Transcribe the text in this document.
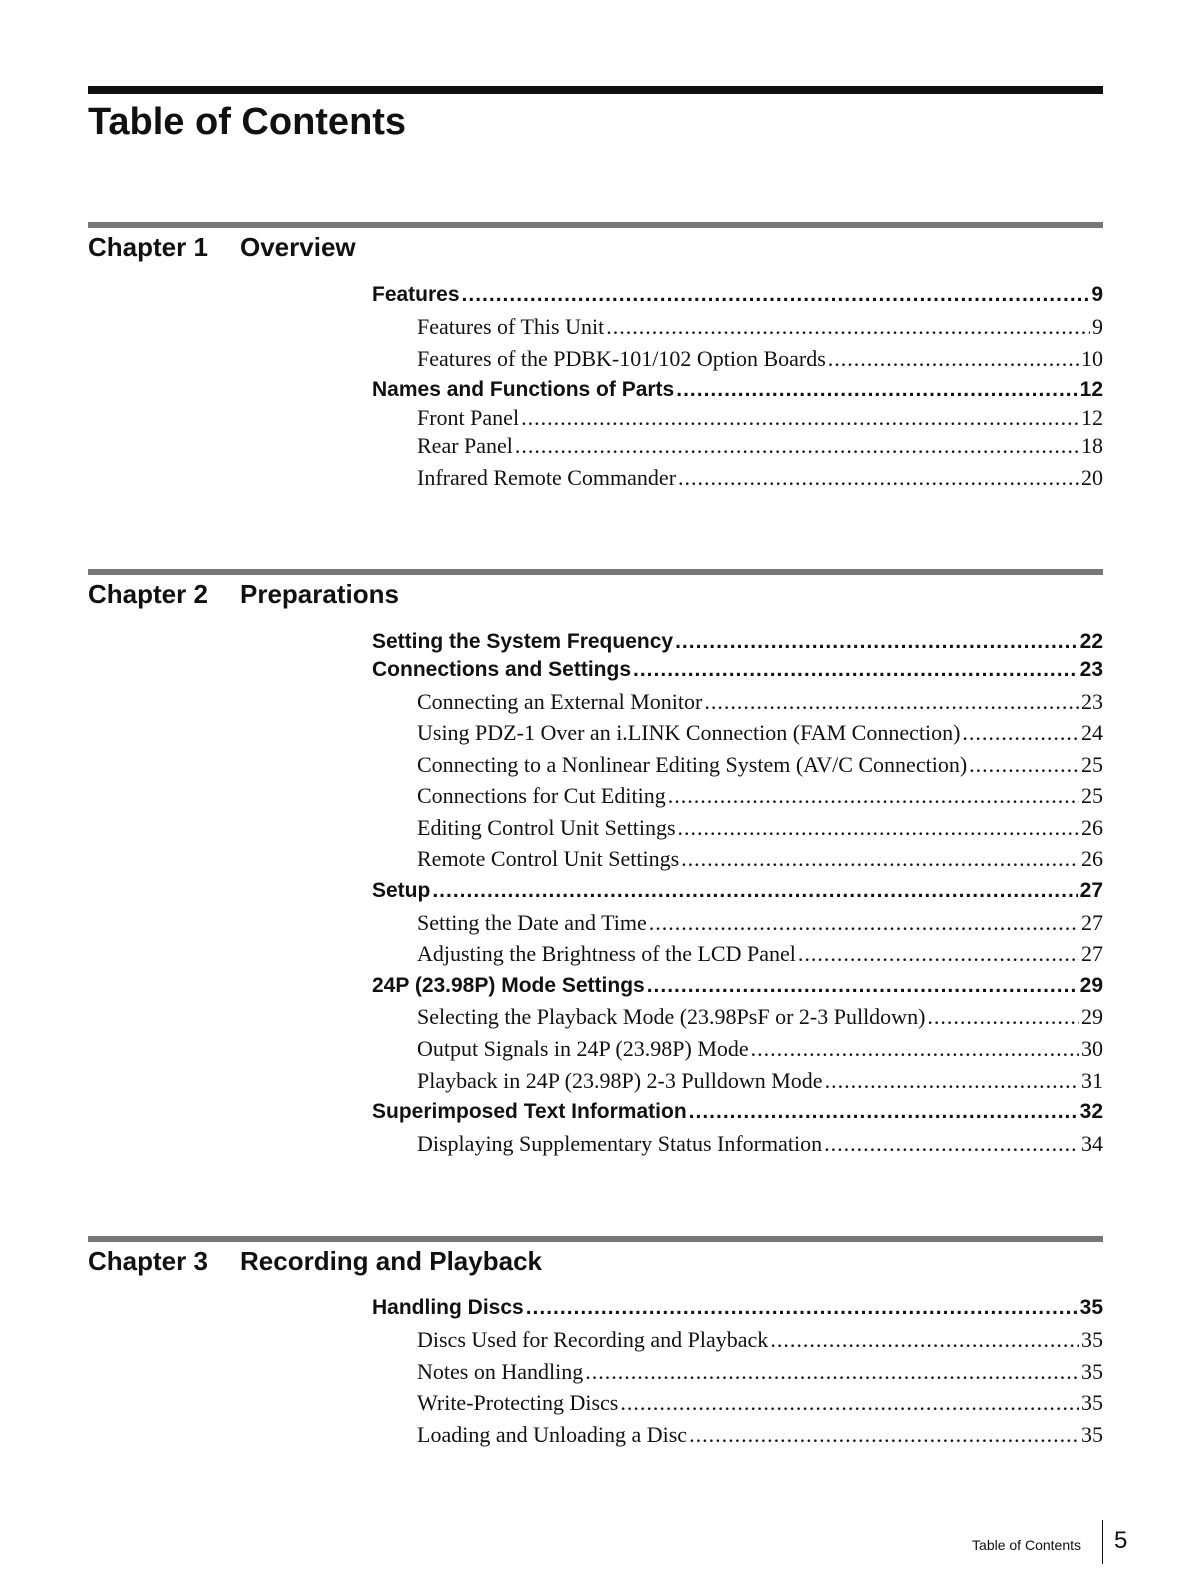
Table of Contents
Chapter 1 Overview
Features .....	9
Features of This Unit .....	9
Features of the PDBK-101/102 Option Boards .....	10
Names and Functions of Parts .....	12
Front Panel .....	12
Rear Panel .....	18
Infrared Remote Commander .....	20
Chapter 2 Preparations
Setting the System Frequency .....	22
Connections and Settings .....	23
Connecting an External Monitor .....	23
Using PDZ-1 Over an i.LINK Connection (FAM Connection) .....	24
Connecting to a Nonlinear Editing System (AV/C Connection) .....	25
Connections for Cut Editing .....	25
Editing Control Unit Settings .....	26
Remote Control Unit Settings .....	26
Setup .....	27
Setting the Date and Time .....	27
Adjusting the Brightness of the LCD Panel .....	27
24P (23.98P) Mode Settings .....	29
Selecting the Playback Mode (23.98PsF or 2-3 Pulldown) .....	29
Output Signals in 24P (23.98P) Mode .....	30
Playback in 24P (23.98P) 2-3 Pulldown Mode .....	31
Superimposed Text Information .....	32
Displaying Supplementary Status Information .....	34
Chapter 3 Recording and Playback
Handling Discs .....	35
Discs Used for Recording and Playback .....	35
Notes on Handling .....	35
Write-Protecting Discs .....	35
Loading and Unloading a Disc .....	35

Table of Contents 5
